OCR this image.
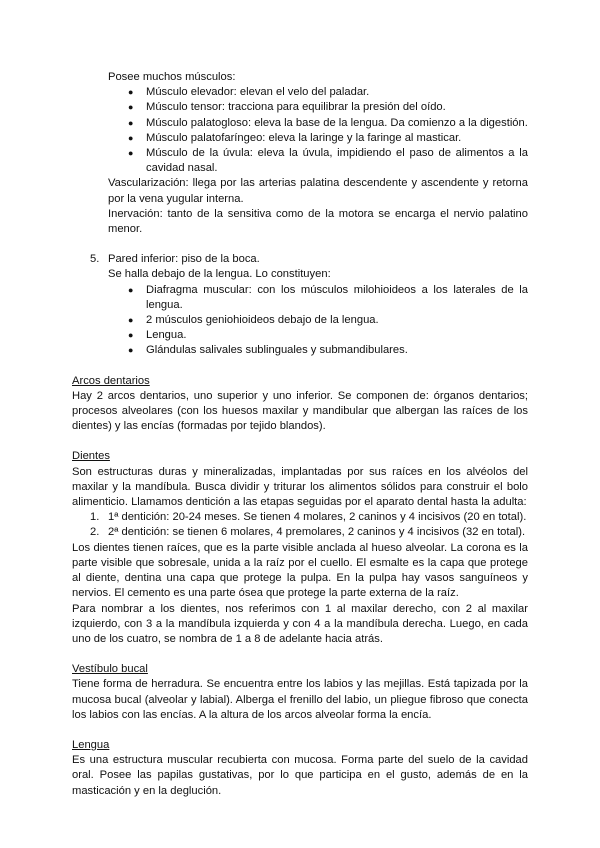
Posee muchos músculos:

● Músculo elevador: elevan el velo del paladar.
● Músculo tensor: tracciona para equilibrar la presión del oído.
● Músculo palatogloso: eleva la base de la lengua. Da comienzo a la digestión.
● Músculo palatofaríngeo: eleva la laringe y la faringe al masticar.
● Músculo de la úvula: eleva la úvula, impidiendo el paso de alimentos a la cavidad nasal.

Vascularización: llega por las arterias palatina descendente y ascendente y retorna por la vena yugular interna.

Inervación: tanto de la sensitiva como de la motora se encarga el nervio palatino menor.

5. Pared inferior: piso de la boca.

Se halla debajo de la lengua. Lo constituyen:

● Diafragma muscular: con los músculos milohioideos a los laterales de la lengua.
● 2 músculos geniohioideos debajo de la lengua.
● Lengua.
● Glándulas salivales sublinguales y submandibulares.

Arcos dentarios

Hay 2 arcos dentarios, uno superior y uno inferior. Se componen de: órganos dentarios; procesos alveolares (con los huesos maxilar y mandibular que albergan las raíces de los dientes) y las encías (formadas por tejido blandos).

Dientes

Son estructuras duras y mineralizadas, implantadas por sus raíces en los alvéolos del maxilar y la mandíbula. Busca dividir y triturar los alimentos sólidos para construir el bolo alimenticio. Llamamos dentición a las etapas seguidas por el aparato dental hasta la adulta:

1. 1ª dentición: 20-24 meses. Se tienen 4 molares, 2 caninos y 4 incisivos (20 en total).
2. 2ª dentición: se tienen 6 molares, 4 premolares, 2 caninos y 4 incisivos (32 en total).

Los dientes tienen raíces, que es la parte visible anclada al hueso alveolar. La corona es la parte visible que sobresale, unida a la raíz por el cuello. El esmalte es la capa que protege al diente, dentina una capa que protege la pulpa. En la pulpa hay vasos sanguíneos y nervios. El cemento es una parte ósea que protege la parte externa de la raíz.

Para nombrar a los dientes, nos referimos con 1 al maxilar derecho, con 2 al maxilar izquierdo, con 3 a la mandíbula izquierda y con 4 a la mandíbula derecha. Luego, en cada uno de los cuatro, se nombra de 1 a 8 de adelante hacia atrás.

Vestíbulo bucal

Tiene forma de herradura. Se encuentra entre los labios y las mejillas. Está tapizada por la mucosa bucal (alveolar y labial). Alberga el frenillo del labio, un pliegue fibroso que conecta los labios con las encías. A la altura de los arcos alveolar forma la encía.

Lengua

Es una estructura muscular recubierta con mucosa. Forma parte del suelo de la cavidad oral. Posee las papilas gustativas, por lo que participa en el gusto, además de en la masticación y en la deglución.
